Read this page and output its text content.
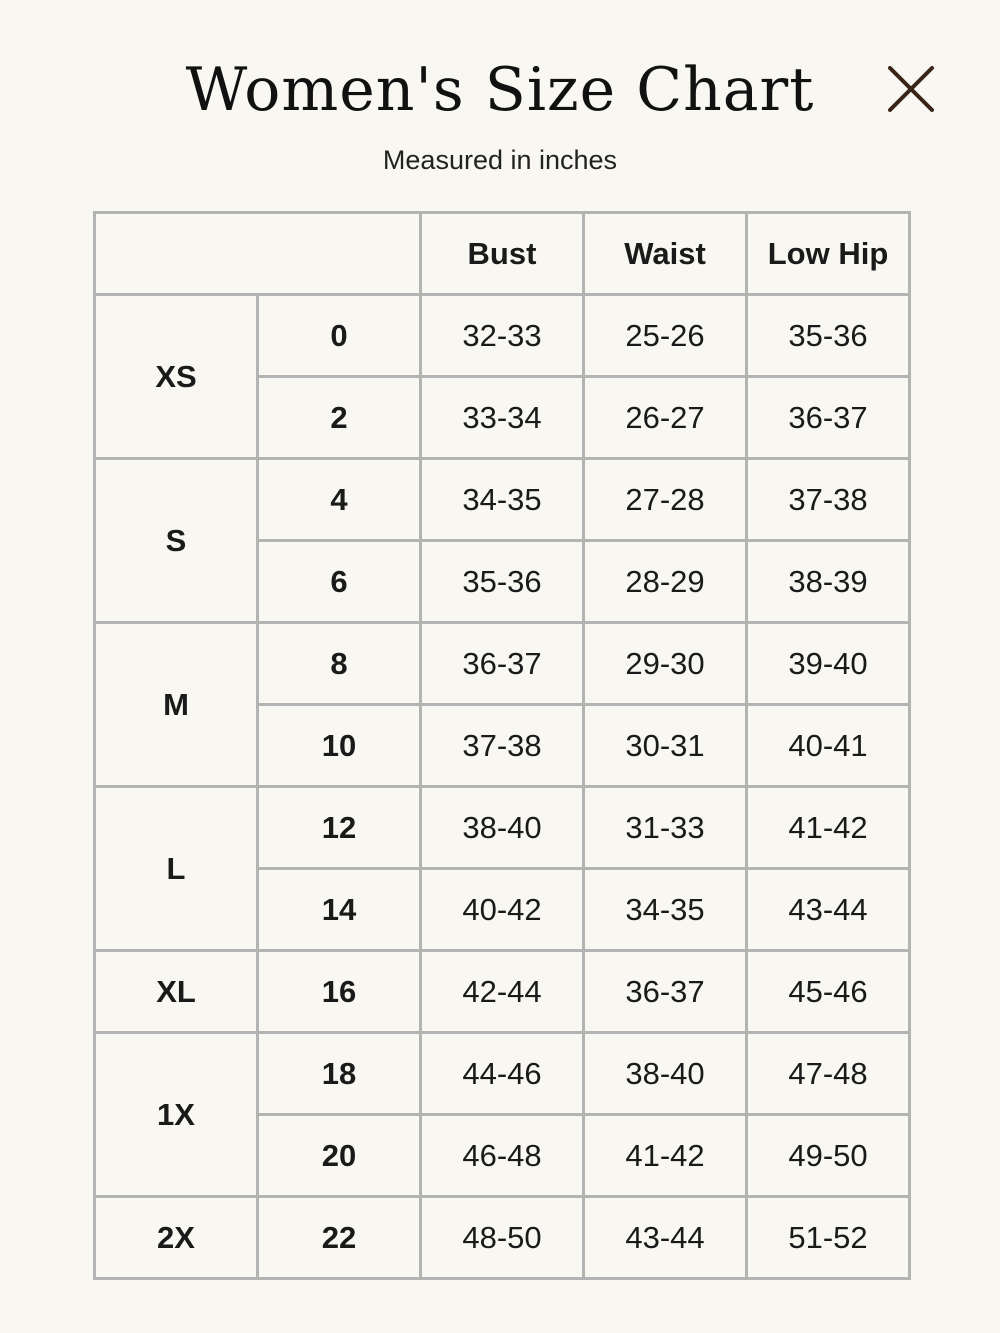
Women's Size Chart
Measured in inches
		Bust	Waist	Low Hip
XS	0	32-33	25-26	35-36
	2	33-34	26-27	36-37
S	4	34-35	27-28	37-38
	6	35-36	28-29	38-39
M	8	36-37	29-30	39-40
	10	37-38	30-31	40-41
L	12	38-40	31-33	41-42
	14	40-42	34-35	43-44
XL	16	42-44	36-37	45-46
1X	18	44-46	38-40	47-48
	20	46-48	41-42	49-50
2X	22	48-50	43-44	51-52
